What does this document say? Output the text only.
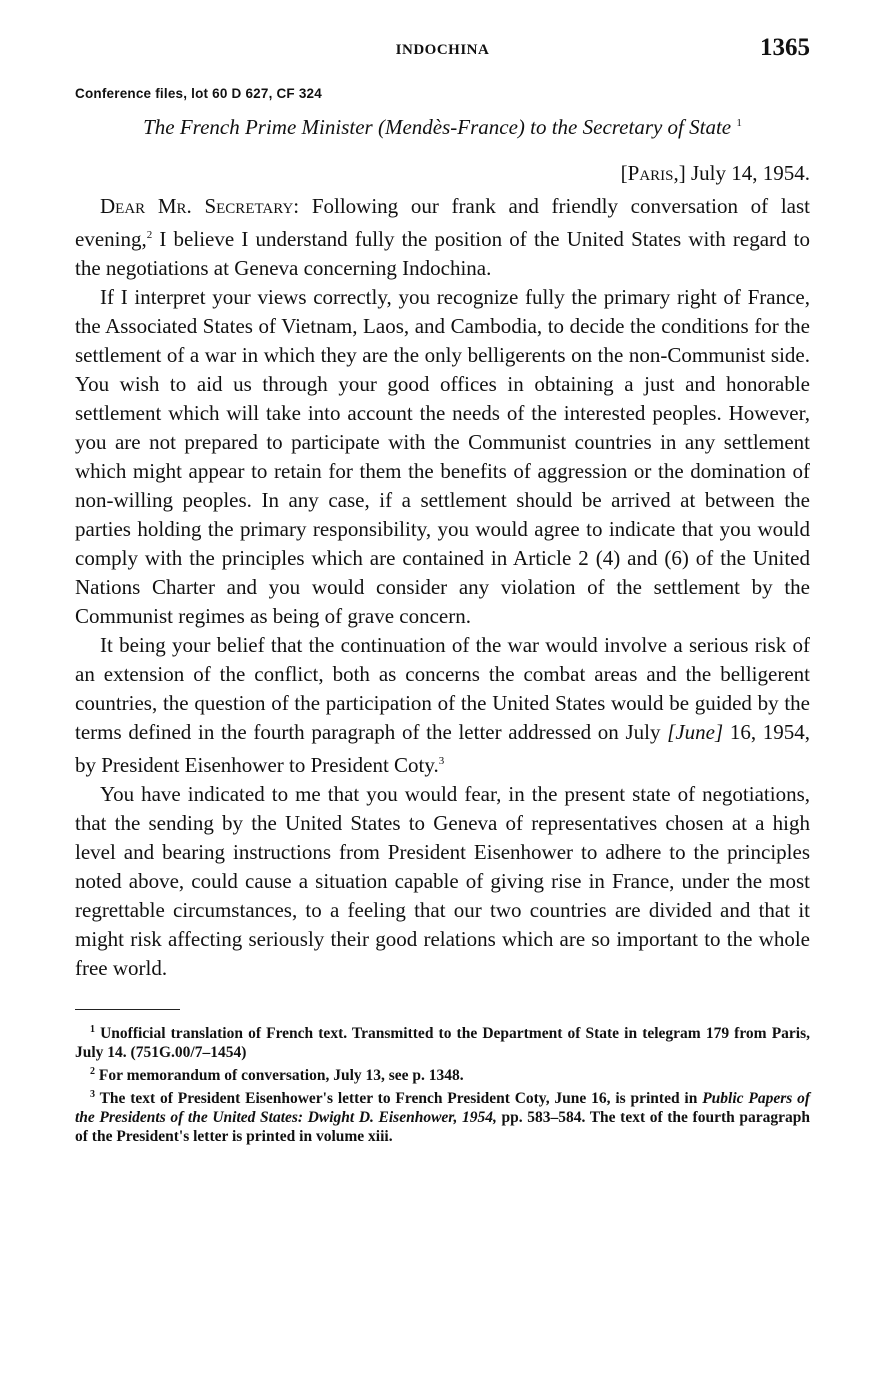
INDOCHINA	1365
Conference files, lot 60 D 627, CF 324
The French Prime Minister (Mendès-France) to the Secretary of State $^1$
[Paris,] July 14, 1954.

Dear Mr. Secretary: Following our frank and friendly conversation of last evening,$^2$ I believe I understand fully the position of the United States with regard to the negotiations at Geneva concerning Indochina.

If I interpret your views correctly, you recognize fully the primary right of France, the Associated States of Vietnam, Laos, and Cambodia, to decide the conditions for the settlement of a war in which they are the only belligerents on the non-Communist side. You wish to aid us through your good offices in obtaining a just and honorable settlement which will take into account the needs of the interested peoples. However, you are not prepared to participate with the Communist countries in any settlement which might appear to retain for them the benefits of aggression or the domination of non-willing peoples. In any case, if a settlement should be arrived at between the parties holding the primary responsibility, you would agree to indicate that you would comply with the principles which are contained in Article 2 (4) and (6) of the United Nations Charter and you would consider any violation of the settlement by the Communist regimes as being of grave concern.

It being your belief that the continuation of the war would involve a serious risk of an extension of the conflict, both as concerns the combat areas and the belligerent countries, the question of the participation of the United States would be guided by the terms defined in the fourth paragraph of the letter addressed on July [June] 16, 1954, by President Eisenhower to President Coty.$^3$

You have indicated to me that you would fear, in the present state of negotiations, that the sending by the United States to Geneva of representatives chosen at a high level and bearing instructions from President Eisenhower to adhere to the principles noted above, could cause a situation capable of giving rise in France, under the most regrettable circumstances, to a feeling that our two countries are divided and that it might risk affecting seriously their good relations which are so important to the whole free world.

$^1$ Unofficial translation of French text. Transmitted to the Department of State in telegram 179 from Paris, July 14. (751G.00/7–1454)

$^2$ For memorandum of conversation, July 13, see p. 1348.

$^3$ The text of President Eisenhower's letter to French President Coty, June 16, is printed in Public Papers of the Presidents of the United States: Dwight D. Eisenhower, 1954, pp. 583–584. The text of the fourth paragraph of the President's letter is printed in volume xiii.
